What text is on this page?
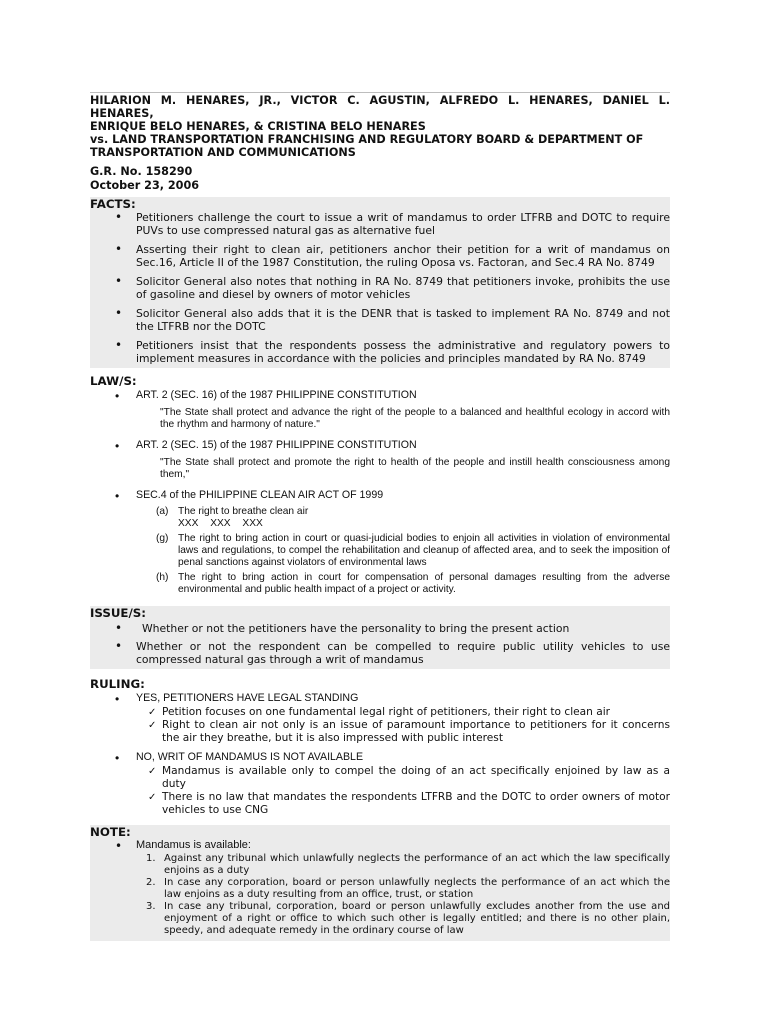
HILARION M. HENARES, JR., VICTOR C. AGUSTIN, ALFREDO L. HENARES, DANIEL L. HENARES,
ENRIQUE BELO HENARES, & CRISTINA BELO HENARES
vs. LAND TRANSPORTATION FRANCHISING AND REGULATORY BOARD & DEPARTMENT OF
TRANSPORTATION AND COMMUNICATIONS
G.R. No. 158290
October 23, 2006
FACTS:
• Petitioners challenge the court to issue a writ of mandamus to order LTFRB and DOTC to require PUVs to use compressed natural gas as alternative fuel
• Asserting their right to clean air, petitioners anchor their petition for a writ of mandamus on Sec.16, Article II of the 1987 Constitution, the ruling Oposa vs. Factoran, and Sec.4 RA No. 8749
• Solicitor General also notes that nothing in RA No. 8749 that petitioners invoke, prohibits the use of gasoline and diesel by owners of motor vehicles
• Solicitor General also adds that it is the DENR that is tasked to implement RA No. 8749 and not the LTFRB nor the DOTC
• Petitioners insist that the respondents possess the administrative and regulatory powers to implement measures in accordance with the policies and principles mandated by RA No. 8749
LAW/S:
• ART. 2 (SEC. 16) of the 1987 PHILIPPINE CONSTITUTION
"The State shall protect and advance the right of the people to a balanced and healthful ecology in accord with the rhythm and harmony of nature."
• ART. 2 (SEC. 15) of the 1987 PHILIPPINE CONSTITUTION
"The State shall protect and promote the right to health of the people and instill health consciousness among them,"
• SEC.4 of the PHILIPPINE CLEAN AIR ACT OF 1999
(a) The right to breathe clean air
XXX XXX XXX
(g) The right to bring action in court or quasi-judicial bodies to enjoin all activities in violation of environmental laws and regulations, to compel the rehabilitation and cleanup of affected area, and to seek the imposition of penal sanctions against violators of environmental laws
(h) The right to bring action in court for compensation of personal damages resulting from the adverse environmental and public health impact of a project or activity.
ISSUE/S:
• Whether or not the petitioners have the personality to bring the present action
• Whether or not the respondent can be compelled to require public utility vehicles to use compressed natural gas through a writ of mandamus
RULING:
• YES, PETITIONERS HAVE LEGAL STANDING
✓ Petition focuses on one fundamental legal right of petitioners, their right to clean air
✓ Right to clean air not only is an issue of paramount importance to petitioners for it concerns the air they breathe, but it is also impressed with public interest
• NO, WRIT OF MANDAMUS IS NOT AVAILABLE
✓ Mandamus is available only to compel the doing of an act specifically enjoined by law as a duty
✓ There is no law that mandates the respondents LTFRB and the DOTC to order owners of motor vehicles to use CNG
NOTE:
• Mandamus is available:
1. Against any tribunal which unlawfully neglects the performance of an act which the law specifically enjoins as a duty
2. In case any corporation, board or person unlawfully neglects the performance of an act which the law enjoins as a duty resulting from an office, trust, or station
3. In case any tribunal, corporation, board or person unlawfully excludes another from the use and enjoyment of a right or office to which such other is legally entitled; and there is no other plain, speedy, and adequate remedy in the ordinary course of law
